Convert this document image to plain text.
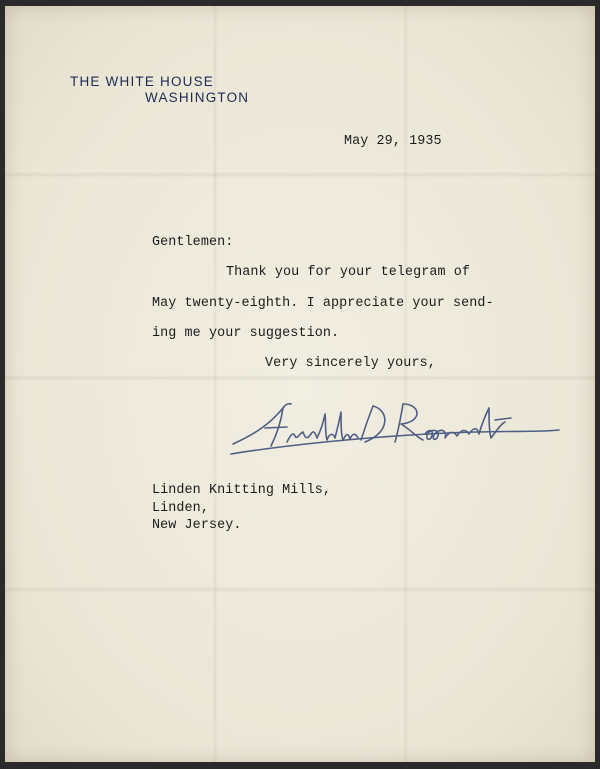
THE WHITE HOUSE
WASHINGTON
May 29, 1935
Gentlemen:
Thank you for your telegram of
May twenty-eighth. I appreciate your send-
ing me your suggestion.
Very sincerely yours,
Linden Knitting Mills,
Linden,
New Jersey.
